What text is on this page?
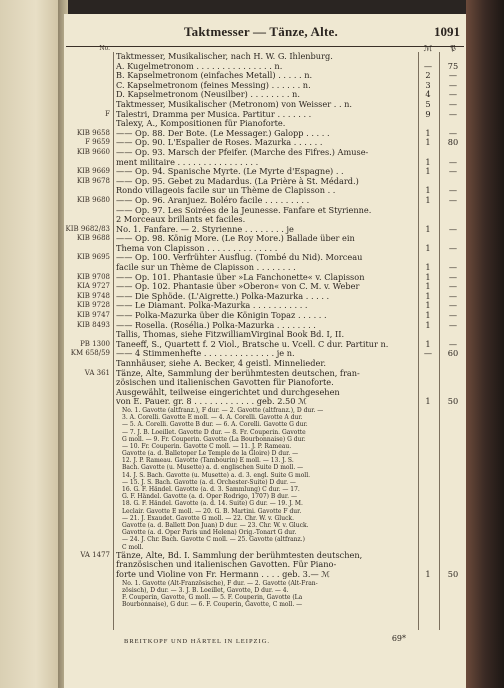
Taktmesser — Tänze, Alte.	1091
No.	ℳ	𝔓
Taktmesser, Musikalischer, nach H. W. G. Ihlenburg.
A. Kugelmetronom . . . . . . . . . . . . . . . n.	—	75
B. Kapselmetronom (einfaches Metall) . . . . . n.	2	—
C. Kapselmetronom (feines Messing) . . . . . . n.	3	—
D. Kapselmetronom (Neusilber) . . . . . . . . n.	4	—
Taktmesser, Musikalischer (Metronom) von Weisser . . n.	5	—
F Talestri, Dramma per Musica. Partitur . . . . . . .	9	—
Talexy, A., Kompositionen für Pianoforte.
KIB 9658 —— Op. 88. Der Bote. (Le Messager.) Galopp . . . . .	1	—
F 9659 —— Op. 90. L'Espalier de Roses. Mazurka . . . . . .	1	80
KIB 9660 —— Op. 93. Marsch der Pfeifer. (Marche des Fifres.) Amuse-
ment militaire . . . . . . . . . . . . . . . .	1	—
KIB 9669 —— Op. 94. Spanische Myrte. (Le Myrte d'Espagne) . .	1	—
KIB 9678 —— Op. 95. Gebet zu Madardus. (La Prière à St. Médard.)
Rondo villageois facile sur un Thème de Clapisson . .	1	—
KIB 9680 —— Op. 96. Aranjuez. Boléro facile . . . . . . . . .	1	—
—— Op. 97. Les Soirées de la Jeunesse. Fanfare et Styrienne.
2 Morceaux brillants et faciles.
KIB 9682/83 No. 1. Fanfare. — 2. Styrienne . . . . . . . . je	1	—
KIB 9688 —— Op. 98. König More. (Le Roy More.) Ballade über ein
Thema von Clapisson . . . . . . . . . . . . . .	1	—
KIB 9695 —— Op. 100. Verfrühter Ausflug. (Tombé du Nid). Morceau
facile sur un Thème de Clapisson . . . . . . . .	1	—
KIB 9708 —— Op. 101. Phantasie über »La Fanchonette« v. Clapisson	1	—
KIA 9727 —— Op. 102. Phantasie über »Oberon« von C. M. v. Weber	1	—
KIB 9748 —— Die Sphöde. (L'Aigrette.) Polka-Mazurka . . . . .	1	—
KIB 9728 —— Le Diamant. Polka-Mazurka . . . . . . . . . . .	1	—
KIB 9747 —— Polka-Mazurka über die Königin Topaz . . . . . .	1	—
KIB 8493 —— Rosella. (Rosélia.) Polka-Mazurka . . . . . . . .	1	—
Tallis, Thomas, siehe FitzwilliamVirginal Book Bd. I, II.
PB 1300 Taneeff, S., Quartett f. 2 Viol., Bratsche u. Vcell. C dur. Partitur n.	1	—
KM 658/59 —— 4 Stimmenhefte . . . . . . . . . . . . . . je n.	—	60
Tannhäuser, siehe A. Becker, 4 geistl. Minnelieder.
VA 361 Tänze, Alte, Sammlung der berühmtesten deutschen, fran-
zösischen und italienischen Gavotten für Pianoforte.
Ausgewählt, teilweise eingerichtet und durchgesehen
von E. Pauer. gr. 8 . . . . . . . . . . . . geb. 2.50 ℳ	1	50
No. 1. Gavotte (altfranz.), F dur. — 2. Gavotte (altfranz.), D dur. —
3. A. Corelli. Gavotte E moll. — 4. A. Corelli. Gavotte A dur.
— 5. A. Corelli. Gavotte B dur. — 6. A. Corelli. Gavotte G dur.
— 7. J. B. Loeillet. Gavotte D dur. — 8. Fr. Couperin. Gavotte
G moll. — 9. Fr. Couperin. Gavotte (La Bourbonnaise) G dur.
— 10. Fr. Couperin. Gavotte C moll. — 11. J. P. Rameau.
Gavotte (a. d. Balletoper Le Temple de la Gloire) D dur. —
12. J. P. Rameau. Gavotte (Tambourin) E moll. — 13. J. S.
Bach. Gavotte (u. Musette) a. d. englischen Suite D moll. —
14. J. S. Bach. Gavotte (u. Musette) a. d. 3. engl. Suite G moll.
— 15. J. S. Bach. Gavotte (a. d. Orchester-Suite) D dur. —
16. G. F. Händel. Gavotte (a. d. 3. Sammlung) C dur. — 17.
G. F. Händel. Gavotte (a. d. Oper Rodrigo, 1707) B dur. —
18. G. F. Händel. Gavotte (a. d. 14. Suite) G dur. — 19. J. M.
Leclair. Gavotte E moll. — 20. G. B. Martini. Gavotte F dur.
— 21. J. Exaudet. Gavotte G moll. — 22. Chr. W. v. Gluck.
Gavotte (a. d. Ballett Don Juan) D dur. — 23. Chr. W. v. Gluck.
Gavotte (a. d. Oper Paris und Helena) Orig.-Tonart G dur.
— 24. J. Chr. Bach. Gavotte C moll. — 25. Gavotte (altfranz.)
C moll.
VA 1477 Tänze, Alte, Bd. I. Sammlung der berühmtesten deutschen,
französischen und italienischen Gavotten. Für Piano-
forte und Violine von Fr. Hermann . . . . geb. 3.— ℳ	1	50
No. 1. Gavotte (Alt-Französische), F dur. — 2. Gavotte (Alt-Fran-
zösisch), D dur. — 3. J. B. Loeillet, Gavotte, D dur. — 4.
F. Couperin, Gavotte, G moll. — 5. F. Couperin, Gavotte (La
Bourbonnaise), G dur. — 6. F. Couperin, Gavotte, C moll. —
BREITKOPF UND HÄRTEL IN LEIPZIG.	69*
